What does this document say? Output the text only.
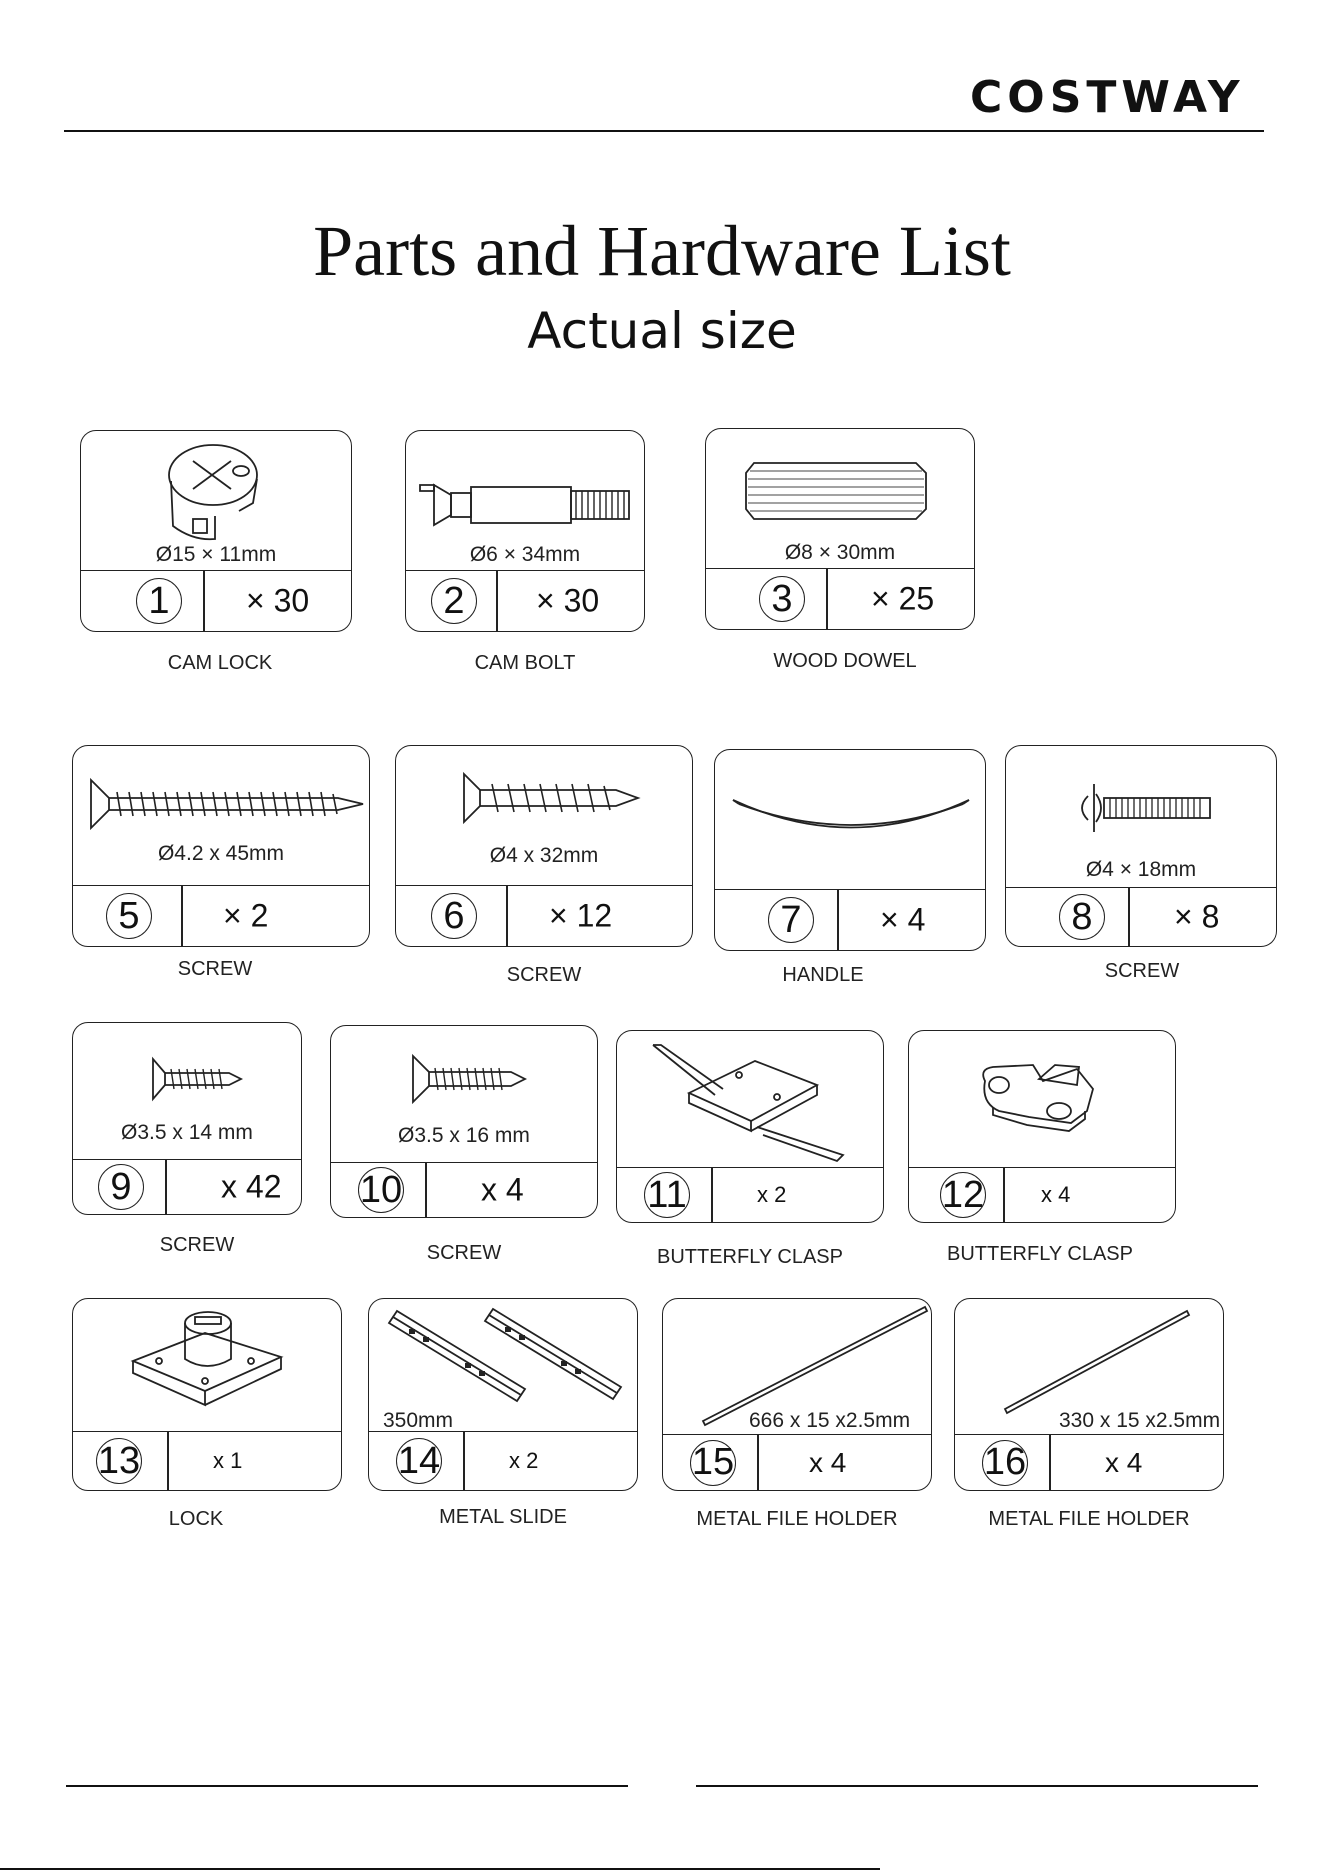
COSTWAY
Parts and Hardware List
Actual size
Ø15 × 11mm
1	× 30
CAM LOCK
Ø6 × 34mm
2	× 30
CAM BOLT
Ø8 × 30mm
3	× 25
WOOD DOWEL
Ø4.2 x 45mm
5	× 2
SCREW
Ø4 x 32mm
6	× 12
SCREW
7	× 4
HANDLE
Ø4 × 18mm
8	× 8
SCREW
Ø3.5 x 14 mm
9	x 42
SCREW
Ø3.5 x 16 mm
10 x 4
SCREW
11	x 2
BUTTERFLY CLASP
12	x 4
BUTTERFLY CLASP
13	x 1
LOCK
350mm
14	x 2
METAL SLIDE
666 x 15 x2.5mm
15	x 4
METAL FILE HOLDER
330 x 15 x2.5mm
16	x 4
METAL FILE HOLDER
